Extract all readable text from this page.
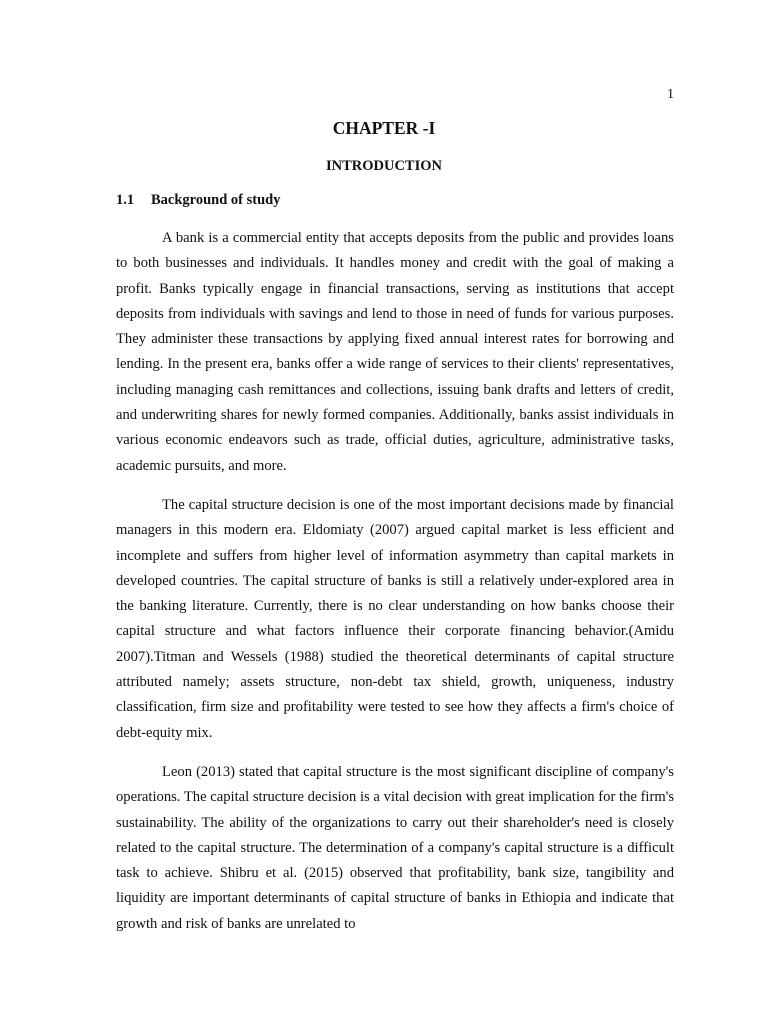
1
CHAPTER -I
INTRODUCTION
1.1 Background of study

A bank is a commercial entity that accepts deposits from the public and provides loans to both businesses and individuals. It handles money and credit with the goal of making a profit. Banks typically engage in financial transactions, serving as institutions that accept deposits from individuals with savings and lend to those in need of funds for various purposes. They administer these transactions by applying fixed annual interest rates for borrowing and lending. In the present era, banks offer a wide range of services to their clients' representatives, including managing cash remittances and collections, issuing bank drafts and letters of credit, and underwriting shares for newly formed companies. Additionally, banks assist individuals in various economic endeavors such as trade, official duties, agriculture, administrative tasks, academic pursuits, and more.

The capital structure decision is one of the most important decisions made by financial managers in this modern era. Eldomiaty (2007) argued capital market is less efficient and incomplete and suffers from higher level of information asymmetry than capital markets in developed countries. The capital structure of banks is still a relatively under-explored area in the banking literature. Currently, there is no clear understanding on how banks choose their capital structure and what factors influence their corporate financing behavior.(Amidu 2007).Titman and Wessels (1988) studied the theoretical determinants of capital structure attributed namely; assets structure, non-debt tax shield, growth, uniqueness, industry classification, firm size and profitability were tested to see how they affects a firm's choice of debt-equity mix.

Leon (2013) stated that capital structure is the most significant discipline of company's operations. The capital structure decision is a vital decision with great implication for the firm's sustainability. The ability of the organizations to carry out their shareholder's need is closely related to the capital structure. The determination of a company's capital structure is a difficult task to achieve. Shibru et al. (2015) observed that profitability, bank size, tangibility and liquidity are important determinants of capital structure of banks in Ethiopia and indicate that growth and risk of banks are unrelated to
